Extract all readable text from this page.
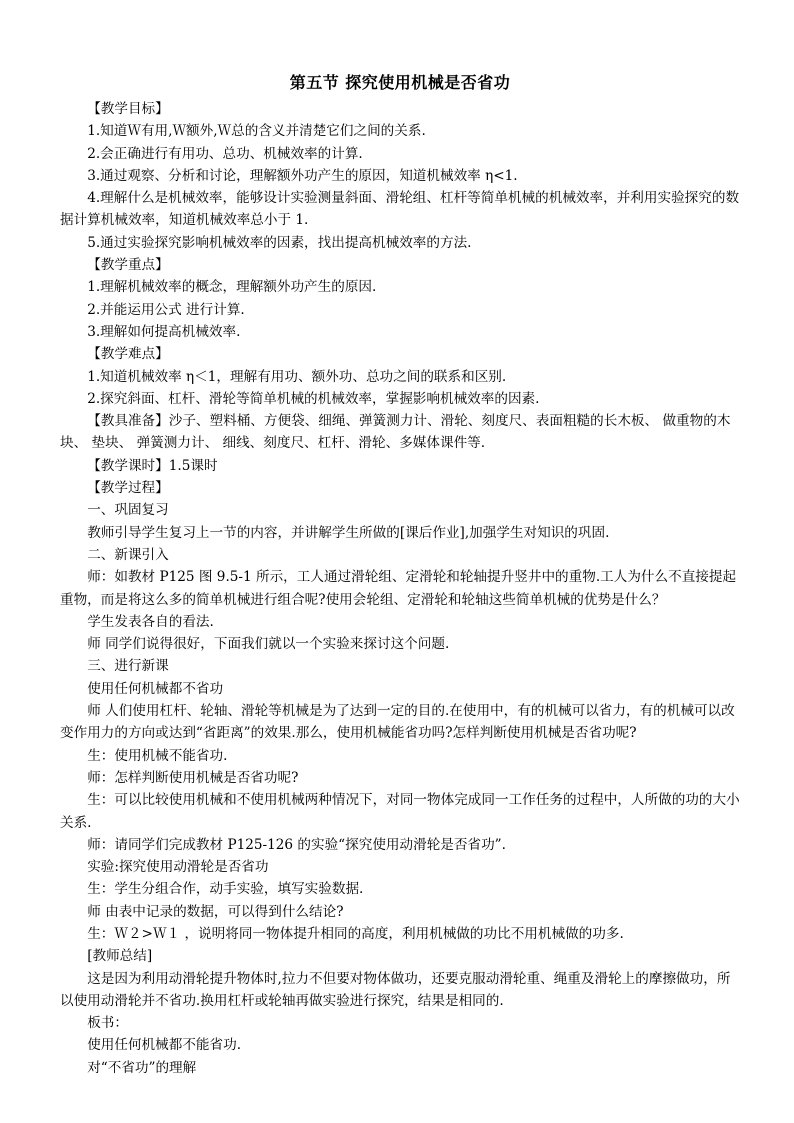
第五节 探究使用机械是否省功

【教学目标】

1.知道Ｗ有用,Ｗ额外,Ｗ总的含义并清楚它们之间的关系.

2.会正确进行有用功、总功、机械效率的计算.

3.通过观察、分析和讨论，理解额外功产生的原因，知道机械效率 η<1.

4.理解什么是机械效率，能够设计实验测量斜面、滑轮组、杠杆等简单机械的机械效率，并利用实验探究的数据计算机械效率，知道机械效率总小于 1.

5.通过实验探究影响机械效率的因素，找出提高机械效率的方法.

【教学重点】

1.理解机械效率的概念，理解额外功产生的原因.

2.并能运用公式 进行计算.

3.理解如何提高机械效率.

【教学难点】

1.知道机械效率 η＜1，理解有用功、额外功、总功之间的联系和区别.

2.探究斜面、杠杆、滑轮等简单机械的机械效率，掌握影响机械效率的因素.

【教具准备】沙子、塑料桶、方便袋、细绳、弹簧测力计、滑轮、刻度尺、表面粗糙的长木板、 做重物的木块、 垫块、 弹簧测力计、 细线、刻度尺、杠杆、滑轮、多媒体课件等.

【教学课时】1.5课时

【教学过程】

一、巩固复习

教师引导学生复习上一节的内容，并讲解学生所做的[课后作业],加强学生对知识的巩固.

二、新课引入

师：如教材 P125 图 9.5-1 所示，工人通过滑轮组、定滑轮和轮轴提升竖井中的重物.工人为什么不直接提起重物，而是将这么多的简单机械进行组合呢?使用会轮组、定滑轮和轮轴这些简单机械的优势是什么？

学生发表各自的看法.

师 同学们说得很好，下面我们就以一个实验来探讨这个问题.

三、进行新课

使用任何机械都不省功

师 人们使用杠杆、轮轴、滑轮等机械是为了达到一定的目的.在使用中，有的机械可以省力，有的机械可以改变作用力的方向或达到“省距离”的效果.那么，使用机械能省功吗?怎样判断使用机械是否省功呢?

生：使用机械不能省功.

师：怎样判断使用机械是否省功呢?

生：可以比较使用机械和不使用机械两种情况下，对同一物体完成同一工作任务的过程中，人所做的功的大小关系.

师：请同学们完成教材 P125-126 的实验“探究使用动滑轮是否省功”.

实验:探究使用动滑轮是否省功

生：学生分组合作，动手实验，填写实验数据.

师 由表中记录的数据，可以得到什么结论?

生：Ｗ２>Ｗ１ ，说明将同一物体提升相同的高度，利用机械做的功比不用机械做的功多.

[教师总结]

这是因为利用动滑轮提升物体时,拉力不但要对物体做功，还要克服动滑轮重、绳重及滑轮上的摩擦做功，所以使用动滑轮并不省功.换用杠杆或轮轴再做实验进行探究，结果是相同的.

板书：

使用任何机械都不能省功.

对“不省功”的理解
